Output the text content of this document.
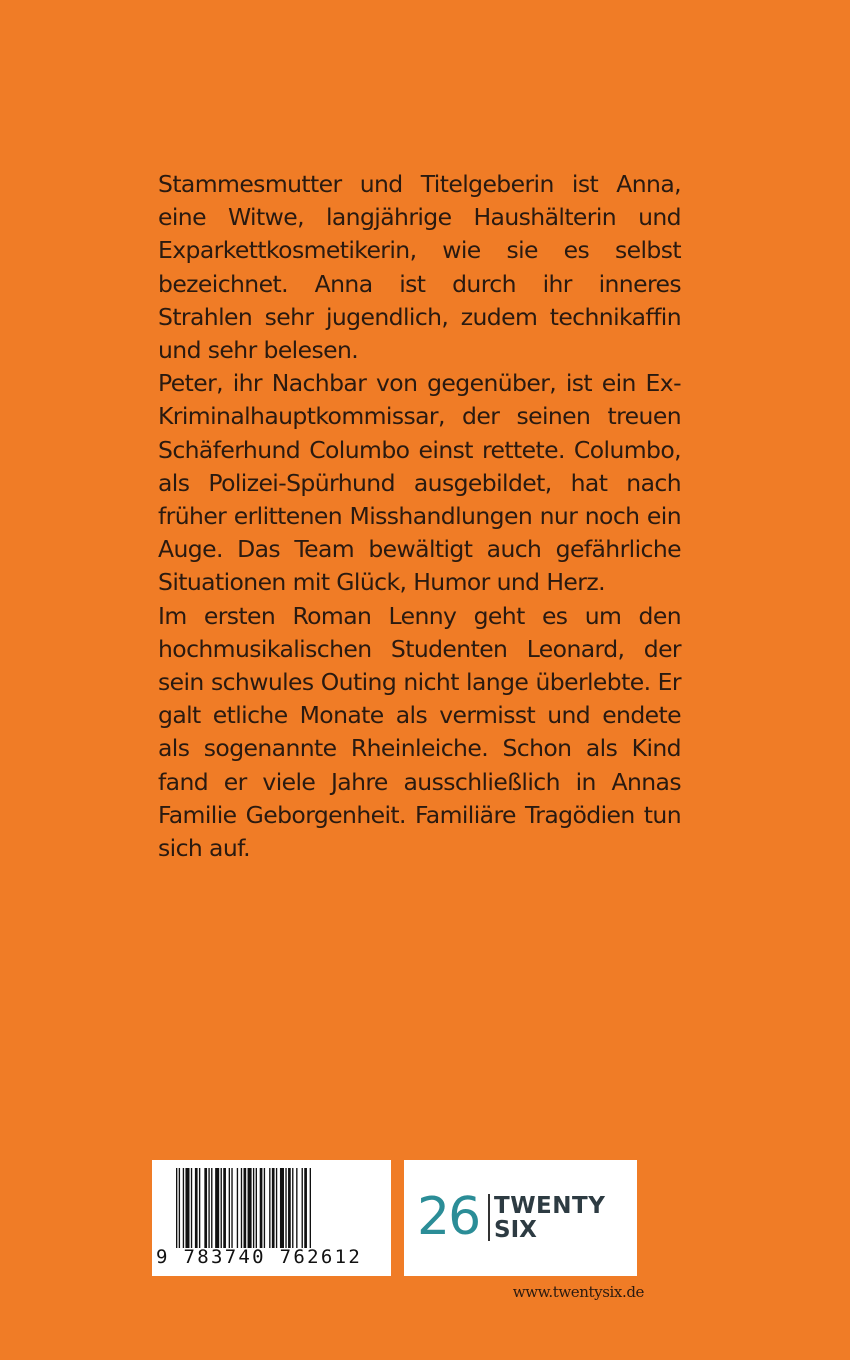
Stammesmutter und Titelgeberin ist Anna, eine Witwe, langjährige Haushälterin und Exparkettkosmetikerin, wie sie es selbst bezeichnet. Anna ist durch ihr inneres Strahlen sehr jugendlich, zudem technikaffin und sehr belesen.

Peter, ihr Nachbar von gegenüber, ist ein Ex-Kriminalhauptkommissar, der seinen treuen Schäferhund Columbo einst rettete. Columbo, als Polizei-Spürhund ausgebildet, hat nach früher erlittenen Misshandlungen nur noch ein Auge. Das Team bewältigt auch gefährliche Situationen mit Glück, Humor und Herz.

Im ersten Roman Lenny geht es um den hochmusikalischen Studenten Leonard, der sein schwules Outing nicht lange überlebte. Er galt etliche Monate als vermisst und endete als sogenannte Rheinleiche. Schon als Kind fand er viele Jahre ausschließlich in Annas Familie Geborgenheit. Familiäre Tragödien tun sich auf.

9 783740 762612
26 TWENTY
SIX
www.twentysix.de
